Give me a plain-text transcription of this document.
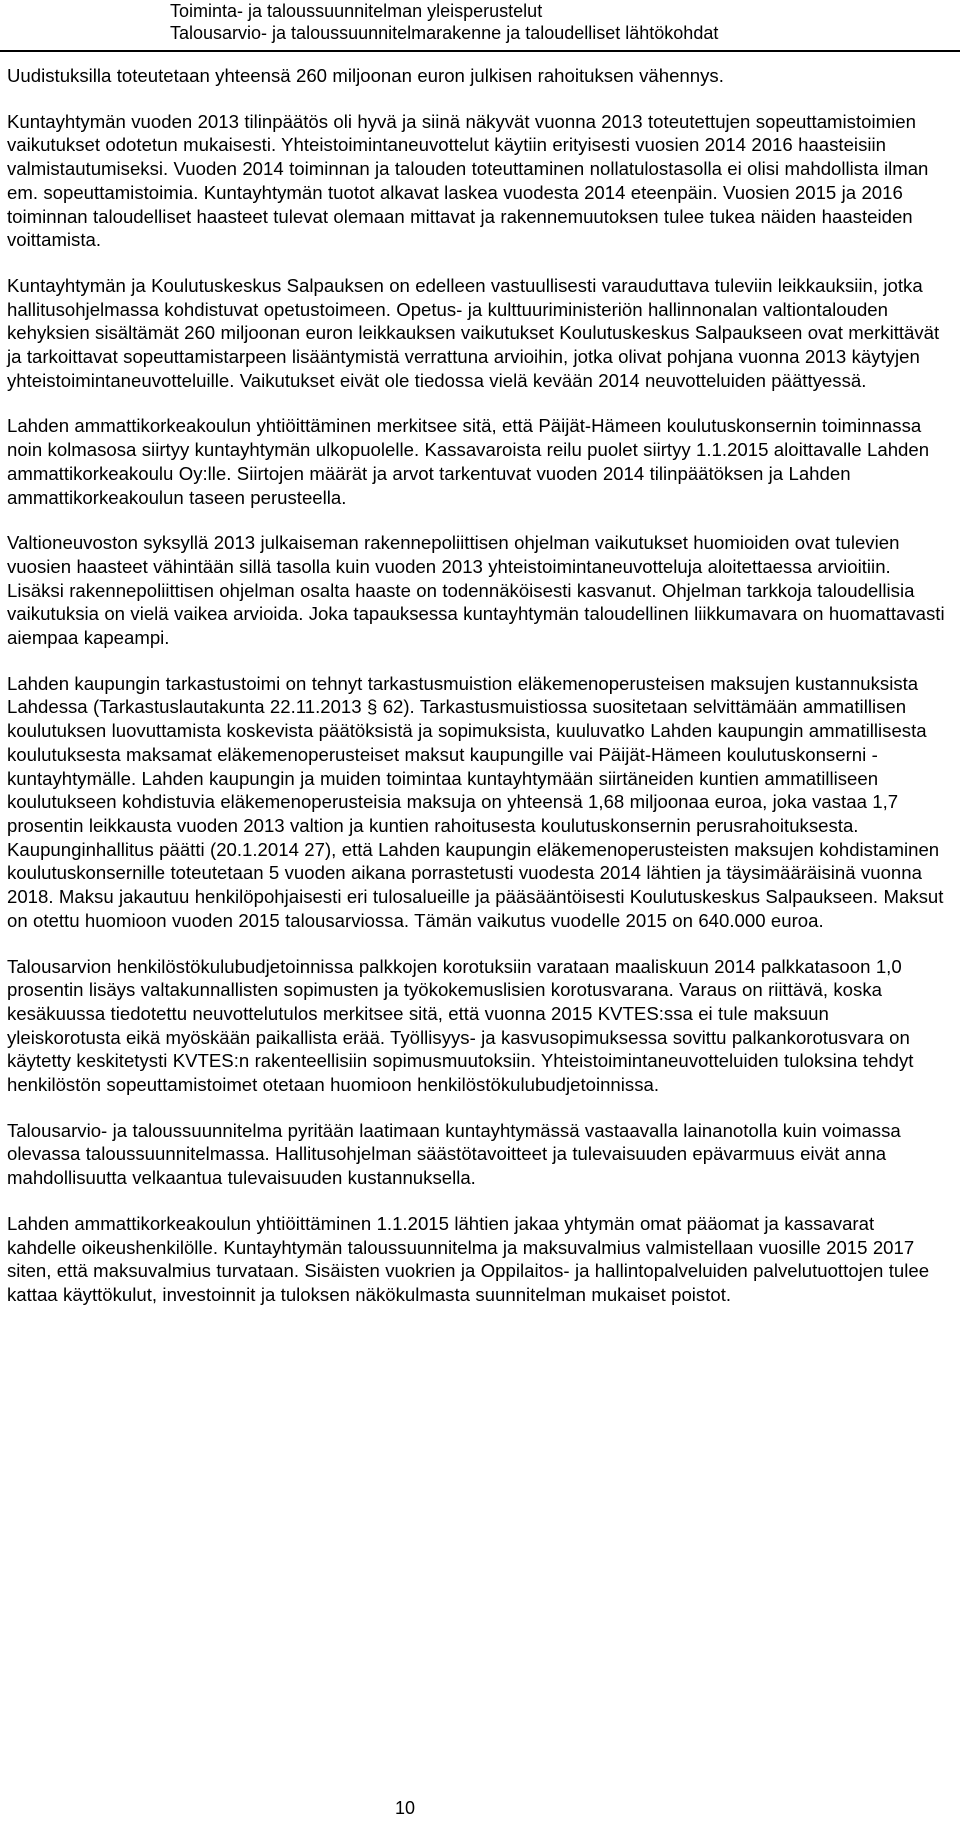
Toiminta- ja taloussuunnitelman yleisperustelut
Talousarvio- ja taloussuunnitelmarakenne ja taloudelliset lähtökohdat

Uudistuksilla toteutetaan yhteensä 260 miljoonan euron julkisen rahoituksen vähennys.

Kuntayhtymän vuoden 2013 tilinpäätös oli hyvä ja siinä näkyvät vuonna 2013 toteutettujen sopeuttamistoimien vaikutukset odotetun mukaisesti. Yhteistoimintaneuvottelut käytiin erityisesti vuosien 2014 2016 haasteisiin valmistautumiseksi. Vuoden 2014 toiminnan ja talouden toteuttaminen nollatulostasolla ei olisi mahdollista ilman em. sopeuttamistoimia. Kuntayhtymän tuotot alkavat laskea vuodesta 2014 eteenpäin. Vuosien 2015 ja 2016 toiminnan taloudelliset haasteet tulevat olemaan mittavat ja rakennemuutoksen tulee tukea näiden haasteiden voittamista.

Kuntayhtymän ja Koulutuskeskus Salpauksen on edelleen vastuullisesti varauduttava tuleviin leikkauksiin, jotka hallitusohjelmassa kohdistuvat opetustoimeen. Opetus- ja kulttuuriministeriön hallinnonalan valtiontalouden kehyksien sisältämät 260 miljoonan euron leikkauksen vaikutukset Koulutuskeskus Salpaukseen ovat merkittävät ja tarkoittavat sopeuttamistarpeen lisääntymistä verrattuna arvioihin, jotka olivat pohjana vuonna 2013 käytyjen yhteistoimintaneuvotteluille. Vaikutukset eivät ole tiedossa vielä kevään 2014 neuvotteluiden päättyessä.

Lahden ammattikorkeakoulun yhtiöittäminen merkitsee sitä, että Päijät-Hämeen koulutuskonsernin toiminnassa noin kolmasosa siirtyy kuntayhtymän ulkopuolelle. Kassavaroista reilu puolet siirtyy 1.1.2015 aloittavalle Lahden ammattikorkeakoulu Oy:lle. Siirtojen määrät ja arvot tarkentuvat vuoden 2014 tilinpäätöksen ja Lahden ammattikorkeakoulun taseen perusteella.

Valtioneuvoston syksyllä 2013 julkaiseman rakennepoliittisen ohjelman vaikutukset huomioiden ovat tulevien vuosien haasteet vähintään sillä tasolla kuin vuoden 2013 yhteistoimintaneuvotteluja aloitettaessa arvioitiin. Lisäksi rakennepoliittisen ohjelman osalta haaste on todennäköisesti kasvanut. Ohjelman tarkkoja taloudellisia vaikutuksia on vielä vaikea arvioida. Joka tapauksessa kuntayhtymän taloudellinen liikkumavara on huomattavasti aiempaa kapeampi.

Lahden kaupungin tarkastustoimi on tehnyt tarkastusmuistion eläkemenoperusteisen maksujen kustannuksista Lahdessa (Tarkastuslautakunta 22.11.2013 § 62). Tarkastusmuistiossa suositetaan selvittämään ammatillisen koulutuksen luovuttamista koskevista päätöksistä ja sopimuksista, kuuluvatko Lahden kaupungin ammatillisesta koulutuksesta maksamat eläkemenoperusteiset maksut kaupungille vai Päijät-Hämeen koulutuskonserni -kuntayhtymälle. Lahden kaupungin ja muiden toimintaa kuntayhtymään siirtäneiden kuntien ammatilliseen koulutukseen kohdistuvia eläkemenoperusteisia maksuja on yhteensä 1,68 miljoonaa euroa, joka vastaa 1,7 prosentin leikkausta vuoden 2013 valtion ja kuntien rahoitusesta koulutuskonsernin perusrahoituksesta. Kaupunginhallitus päätti (20.1.2014 27), että Lahden kaupungin eläkemenoperusteisten maksujen kohdistaminen koulutuskonsernille toteutetaan 5 vuoden aikana porrastetusti vuodesta 2014 lähtien ja täysimääräisinä vuonna 2018. Maksu jakautuu henkilöpohjaisesti eri tulosalueille ja pääsääntöisesti Koulutuskeskus Salpaukseen. Maksut on otettu huomioon vuoden 2015 talousarviossa. Tämän vaikutus vuodelle 2015 on 640.000 euroa.

Talousarvion henkilöstökulubudjetoinnissa palkkojen korotuksiin varataan maaliskuun 2014 palkkatasoon 1,0 prosentin lisäys valtakunnallisten sopimusten ja työkokemuslisien korotusvarana. Varaus on riittävä, koska kesäkuussa tiedotettu neuvottelutulos merkitsee sitä, että vuonna 2015 KVTES:ssa ei tule maksuun yleiskorotusta eikä myöskään paikallista erää. Työllisyys- ja kasvusopimuksessa sovittu palkankorotusvara on käytetty keskitetysti KVTES:n rakenteellisiin sopimusmuutoksiin. Yhteistoimintaneuvotteluiden tuloksina tehdyt henkilöstön sopeuttamistoimet otetaan huomioon henkilöstökulubudjetoinnissa.

Talousarvio- ja taloussuunnitelma pyritään laatimaan kuntayhtymässä vastaavalla lainanotolla kuin voimassa olevassa taloussuunnitelmassa. Hallitusohjelman säästötavoitteet ja tulevaisuuden epävarmuus eivät anna mahdollisuutta velkaantua tulevaisuuden kustannuksella.

Lahden ammattikorkeakoulun yhtiöittäminen 1.1.2015 lähtien jakaa yhtymän omat pääomat ja kassavarat kahdelle oikeushenkilölle. Kuntayhtymän taloussuunnitelma ja maksuvalmius valmistellaan vuosille 2015 2017 siten, että maksuvalmius turvataan. Sisäisten vuokrien ja Oppilaitos- ja hallintopalveluiden palvelutuottojen tulee kattaa käyttökulut, investoinnit ja tuloksen näkökulmasta suunnitelman mukaiset poistot.

10
